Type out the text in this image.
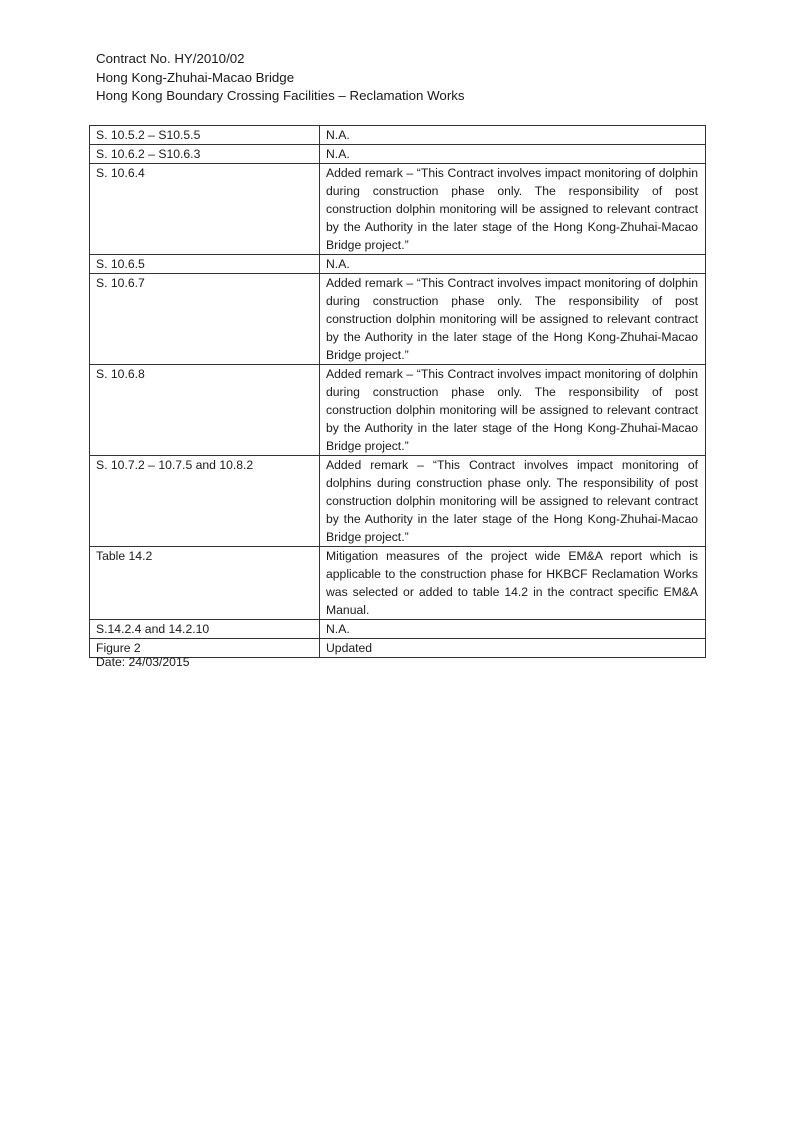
Contract No. HY/2010/02
Hong Kong-Zhuhai-Macao Bridge
Hong Kong Boundary Crossing Facilities – Reclamation Works
S. 10.5.2 – S10.5.5	N.A.
S. 10.6.2 – S10.6.3	N.A.
S. 10.6.4	Added remark – “This Contract involves impact monitoring of dolphin during construction phase only. The responsibility of post construction dolphin monitoring will be assigned to relevant contract by the Authority in the later stage of the Hong Kong-Zhuhai-Macao Bridge project.”
S. 10.6.5	N.A.
S. 10.6.7	Added remark – “This Contract involves impact monitoring of dolphin during construction phase only. The responsibility of post construction dolphin monitoring will be assigned to relevant contract by the Authority in the later stage of the Hong Kong-Zhuhai-Macao Bridge project.”
S. 10.6.8	Added remark – “This Contract involves impact monitoring of dolphin during construction phase only. The responsibility of post construction dolphin monitoring will be assigned to relevant contract by the Authority in the later stage of the Hong Kong-Zhuhai-Macao Bridge project.”
S. 10.7.2 – 10.7.5 and 10.8.2	Added remark – “This Contract involves impact monitoring of dolphins during construction phase only. The responsibility of post construction dolphin monitoring will be assigned to relevant contract by the Authority in the later stage of the Hong Kong-Zhuhai-Macao Bridge project.”
Table 14.2	Mitigation measures of the project wide EM&A report which is applicable to the construction phase for HKBCF Reclamation Works was selected or added to table 14.2 in the contract specific EM&A Manual.
S.14.2.4 and 14.2.10	N.A.
Figure 2	Updated
Date: 24/03/2015
